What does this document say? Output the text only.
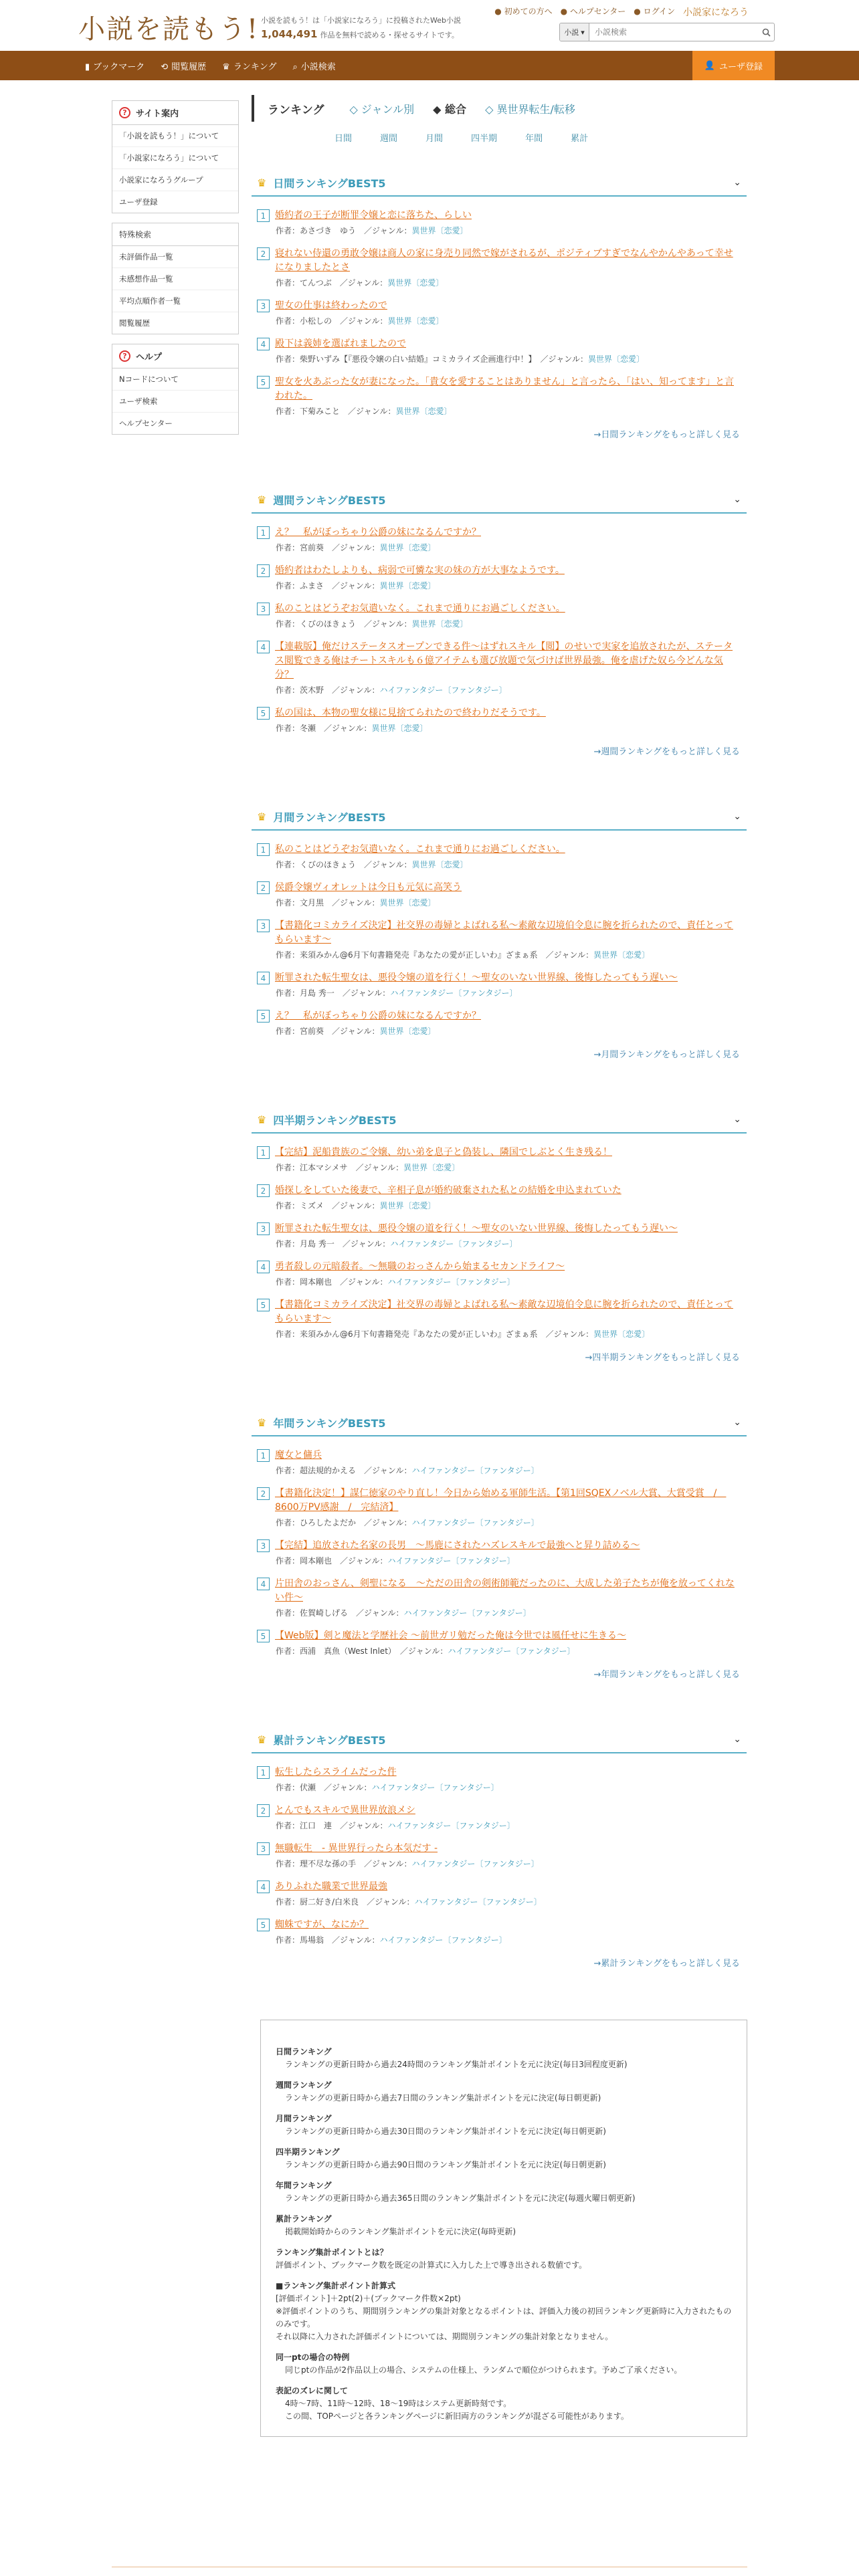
小説を読もう! 小説を読もう！は「小説家になろう」に投稿されたWeb小説
1,044,491 作品を無料で読める・探せるサイトです。
● 初めての方へ ● ヘルプセンター ● ログイン 小説家になろう
小説 ▾
小説検索
▮ ブックマーク ⟲ 閲覧履歴 ♛ ランキング ⌕ 小説検索	👤 ユーザ登録
?	サイト案内
「小説を読もう！」について
「小説家になろう」について
小説家になろうグループ
ユーザ登録
特殊検索
未評価作品一覧
未感想作品一覧
平均点順作者一覧
閲覧履歴
?	ヘルプ
Nコードについて
ユーザ検索
ヘルプセンター
ランキング ◇ ジャンル別 ◆ 総合 ◇ 異世界転生/転移
日間	週間	月間	四半期	年間	累計
♛ 日間ランキングBEST5	⌄
1 婚約者の王子が断罪令嬢と恋に落ちた、らしい
作者：あさづき　ゆう　／ジャンル：異世界〔恋愛〕
2 寝れない侍還の勇敢令嬢は商人の家に身売り同然で嫁がされるが、ポジティブすぎでなんやかんやあって幸せになりましたとさ
作者：てんつぶ　／ジャンル：異世界〔恋愛〕
3 聖女の仕事は終わったので
作者：小松しの　／ジャンル：異世界〔恋愛〕
4 殿下は義姉を選ばれましたので
作者：柴野いずみ【『悪役令嬢の白い結婚』コミカライズ企画進行中！】　／ジャンル：異世界〔恋愛〕
5 聖女を火あぶった女が妻になった。「貴女を愛することはありません」と言ったら、「はい、知ってます」と言われた。
作者：下菊みこと　／ジャンル：異世界〔恋愛〕
→日間ランキングをもっと詳しく見る
♛ 週間ランキングBEST5	⌄
1 え？　私がぼっちゃり公爵の妹になるんですか？
作者：宮前葵　／ジャンル：異世界〔恋愛〕
2 婚約者はわたしよりも、病弱で可憐な実の妹の方が大事なようです。
作者：ふまさ　／ジャンル：異世界〔恋愛〕
3 私のことはどうぞお気遣いなく。これまで通りにお過ごしください。
作者：くびのほきょう　／ジャンル：異世界〔恋愛〕
4 【連載版】俺だけステータスオープンできる件～はずれスキル【閲】のせいで実家を追放されたが、ステータス閲覧できる俺はチートスキルも６億アイテムも選び放題で気づけば世界最強。俺を虐げた奴ら今どんな気分？
作者：茨木野　／ジャンル：ハイファンタジー〔ファンタジー〕
5 私の国は、本物の聖女様に見捨てられたので終わりだそうです。
作者：冬瀬　／ジャンル：異世界〔恋愛〕
→週間ランキングをもっと詳しく見る
♛ 月間ランキングBEST5	⌄
1 私のことはどうぞお気遣いなく。これまで通りにお過ごしください。
作者：くびのほきょう　／ジャンル：異世界〔恋愛〕
2 侯爵令嬢ヴィオレットは今日も元気に高笑う
作者：文月黒　／ジャンル：異世界〔恋愛〕
3 【書籍化コミカライズ決定】社交界の毒婦とよばれる私～素敵な辺境伯令息に腕を折られたので、責任とってもらいます～
作者：来須みかん@6月下旬書籍発売『あなたの愛が正しいわ』ざまぁ系　／ジャンル：異世界〔恋愛〕
4 断罪された転生聖女は、悪役令嬢の道を行く！～聖女のいない世界線、後悔したってもう遅い～
作者：月島 秀一　／ジャンル：ハイファンタジー〔ファンタジー〕
5 え？　私がぼっちゃり公爵の妹になるんですか？
作者：宮前葵　／ジャンル：異世界〔恋愛〕
→月間ランキングをもっと詳しく見る
♛ 四半期ランキングBEST5	⌄
1 【完結】泥船貴族のご令嬢、幼い弟を息子と偽装し、隣国でしぶとく生き残る！
作者：江本マシメサ　／ジャンル：異世界〔恋愛〕
2 婚探しをしていた後妻で、辛相子息が婚約破棄された私との結婚を申込まれていた
作者：ミズメ　／ジャンル：異世界〔恋愛〕
3 断罪された転生聖女は、悪役令嬢の道を行く！～聖女のいない世界線、後悔したってもう遅い～
作者：月島 秀一　／ジャンル：ハイファンタジー〔ファンタジー〕
4 勇者殺しの元暗殺者。～無職のおっさんから始まるセカンドライフ～
作者：岡本剛也　／ジャンル：ハイファンタジー〔ファンタジー〕
5 【書籍化コミカライズ決定】社交界の毒婦とよばれる私～素敵な辺境伯令息に腕を折られたので、責任とってもらいます～
作者：来須みかん@6月下旬書籍発売『あなたの愛が正しいわ』ざまぁ系　／ジャンル：異世界〔恋愛〕
→四半期ランキングをもっと詳しく見る
♛ 年間ランキングBEST5	⌄
1 魔女と傭兵
作者：超法規的かえる　／ジャンル：ハイファンタジー〔ファンタジー〕
2 【書籍化決定！】謀仁徳家のやり直し！今日から始める軍師生活。【第1回SQEXノベル大賞、大賞受賞　/　8600万PV感謝　/　完結済】
作者：ひろしたよだか　／ジャンル：ハイファンタジー〔ファンタジー〕
3 【完結】追放された名家の長男　～馬鹿にされたハズレスキルで最強へと昇り詰める～
作者：岡本剛也　／ジャンル：ハイファンタジー〔ファンタジー〕
4 片田舎のおっさん、剣聖になる　～ただの田舎の剣術師範だったのに、大成した弟子たちが俺を放ってくれない件～
作者：佐賀崎しげる　／ジャンル：ハイファンタジー〔ファンタジー〕
5 【Web版】剣と魔法と学歴社会 ～前世ガリ勉だった俺は今世では風任せに生きる～
作者：西浦　真魚（West Inlet）　／ジャンル：ハイファンタジー〔ファンタジー〕
→年間ランキングをもっと詳しく見る
♛ 累計ランキングBEST5	⌄
1 転生したらスライムだった件
作者：伏瀬　／ジャンル：ハイファンタジー〔ファンタジー〕
2 とんでもスキルで異世界放浪メシ
作者：江口　連　／ジャンル：ハイファンタジー〔ファンタジー〕
3 無職転生　- 異世界行ったら本気だす -
作者：理不尽な孫の手　／ジャンル：ハイファンタジー〔ファンタジー〕
4 ありふれた職業で世界最強
作者：厨二好き/白米良　／ジャンル：ハイファンタジー〔ファンタジー〕
5 蜘蛛ですが、なにか？
作者：馬場翁　／ジャンル：ハイファンタジー〔ファンタジー〕
→累計ランキングをもっと詳しく見る
日間ランキング

ランキングの更新日時から過去24時間のランキング集計ポイントを元に決定(毎日3回程度更新)

週間ランキング

ランキングの更新日時から過去7日間のランキング集計ポイントを元に決定(毎日朝更新)

月間ランキング

ランキングの更新日時から過去30日間のランキング集計ポイントを元に決定(毎日朝更新)

四半期ランキング

ランキングの更新日時から過去90日間のランキング集計ポイントを元に決定(毎日朝更新)

年間ランキング

ランキングの更新日時から過去365日間のランキング集計ポイントを元に決定(毎週火曜日朝更新)

累計ランキング

掲載開始時からのランキング集計ポイントを元に決定(毎時更新)

ランキング集計ポイントとは？

評価ポイント、ブックマーク数を既定の計算式に入力した上で導き出される数値です。

■ランキング集計ポイント計算式

[評価ポイント]＋2pt(2)＋(ブックマーク件数×2pt)

※評価ポイントのうち、期間別ランキングの集計対象となるポイントは、評価入力後の初回ランキング更新時に入力されたもののみです。

それ以降に入力された評価ポイントについては、期間別ランキングの集計対象となりません。

同一ptの場合の特例

同じptの作品が2作品以上の場合、システムの仕様上、ランダムで順位がつけられます。予めご了承ください。

表記のズレに関して

4時〜7時、11時〜12時、18〜19時はシステム更新時刻です。

この間、TOPページと各ランキングページに新旧両方のランキングが混ざる可能性があります。
